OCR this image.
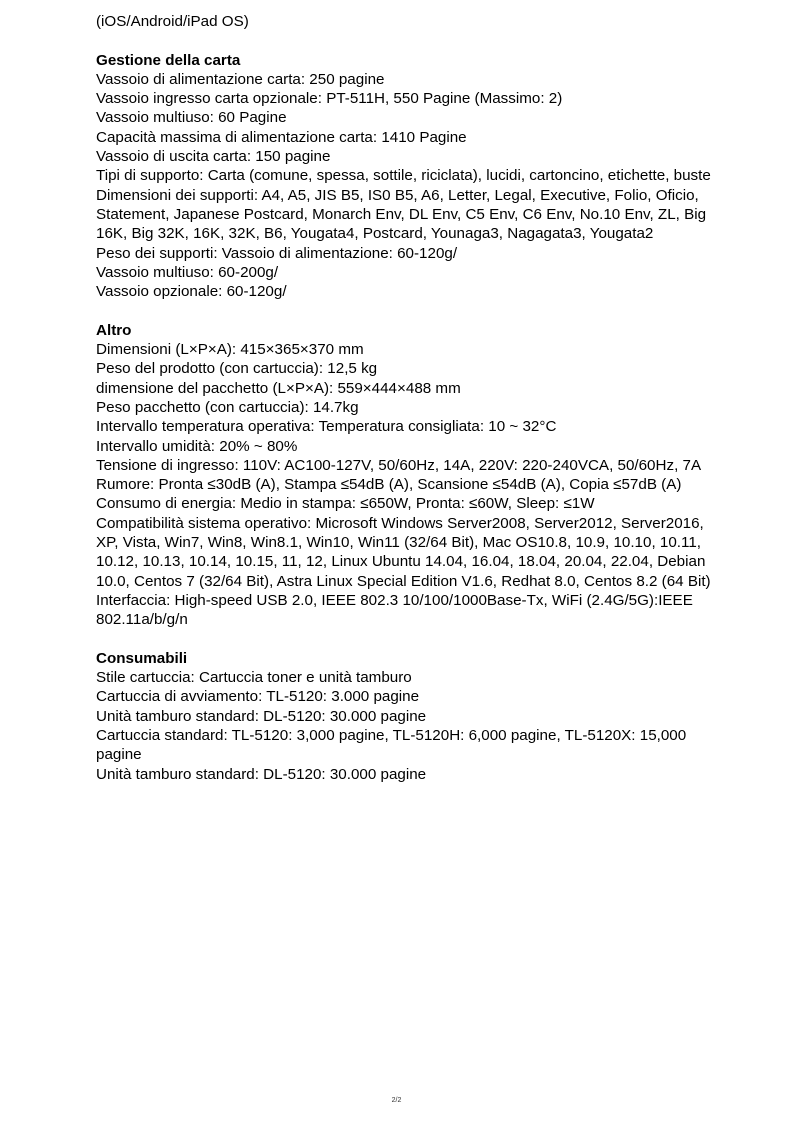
(iOS/Android/iPad OS)

Gestione della carta

Vassoio di alimentazione carta: 250 pagine

Vassoio ingresso carta opzionale: PT-511H, 550 Pagine (Massimo: 2)

Vassoio multiuso: 60 Pagine

Capacità massima di alimentazione carta: 1410 Pagine

Vassoio di uscita carta: 150 pagine

Tipi di supporto: Carta (comune, spessa, sottile, riciclata), lucidi, cartoncino, etichette, buste

Dimensioni dei supporti: A4, A5, JIS B5, IS0 B5, A6, Letter, Legal, Executive, Folio, Oficio,

Statement, Japanese Postcard, Monarch Env, DL Env, C5 Env, C6 Env, No.10 Env, ZL, Big

16K, Big 32K, 16K, 32K, B6, Yougata4, Postcard, Younaga3, Nagagata3, Yougata2

Peso dei supporti: Vassoio di alimentazione: 60-120g/

Vassoio multiuso: 60-200g/

Vassoio opzionale: 60-120g/

Altro

Dimensioni (L×P×A): 415×365×370 mm

Peso del prodotto (con cartuccia): 12,5 kg

dimensione del pacchetto (L×P×A): 559×444×488 mm

Peso pacchetto (con cartuccia): 14.7kg

Intervallo temperatura operativa: Temperatura consigliata: 10 ~ 32°C

Intervallo umidità: 20% ~ 80%

Tensione di ingresso: 110V: AC100-127V, 50/60Hz, 14A, 220V: 220-240VCA, 50/60Hz, 7A

Rumore: Pronta ≤30dB (A), Stampa ≤54dB (A), Scansione ≤54dB (A), Copia ≤57dB (A)

Consumo di energia: Medio in stampa: ≤650W, Pronta: ≤60W, Sleep: ≤1W

Compatibilità sistema operativo: Microsoft Windows Server2008, Server2012, Server2016,

XP, Vista, Win7, Win8, Win8.1, Win10, Win11 (32/64 Bit), Mac OS10.8, 10.9, 10.10, 10.11,

10.12, 10.13, 10.14, 10.15, 11, 12, Linux Ubuntu 14.04, 16.04, 18.04, 20.04, 22.04, Debian

10.0, Centos 7 (32/64 Bit), Astra Linux Special Edition V1.6, Redhat 8.0, Centos 8.2 (64 Bit)

Interfaccia: High-speed USB 2.0, IEEE 802.3 10/100/1000Base-Tx, WiFi (2.4G/5G):IEEE

802.11a/b/g/n

Consumabili

Stile cartuccia: Cartuccia toner e unità tamburo

Cartuccia di avviamento: TL-5120: 3.000 pagine

Unità tamburo standard: DL-5120: 30.000 pagine

Cartuccia standard: TL-5120: 3,000 pagine, TL-5120H: 6,000 pagine, TL-5120X: 15,000

pagine

Unità tamburo standard: DL-5120: 30.000 pagine

2/2
